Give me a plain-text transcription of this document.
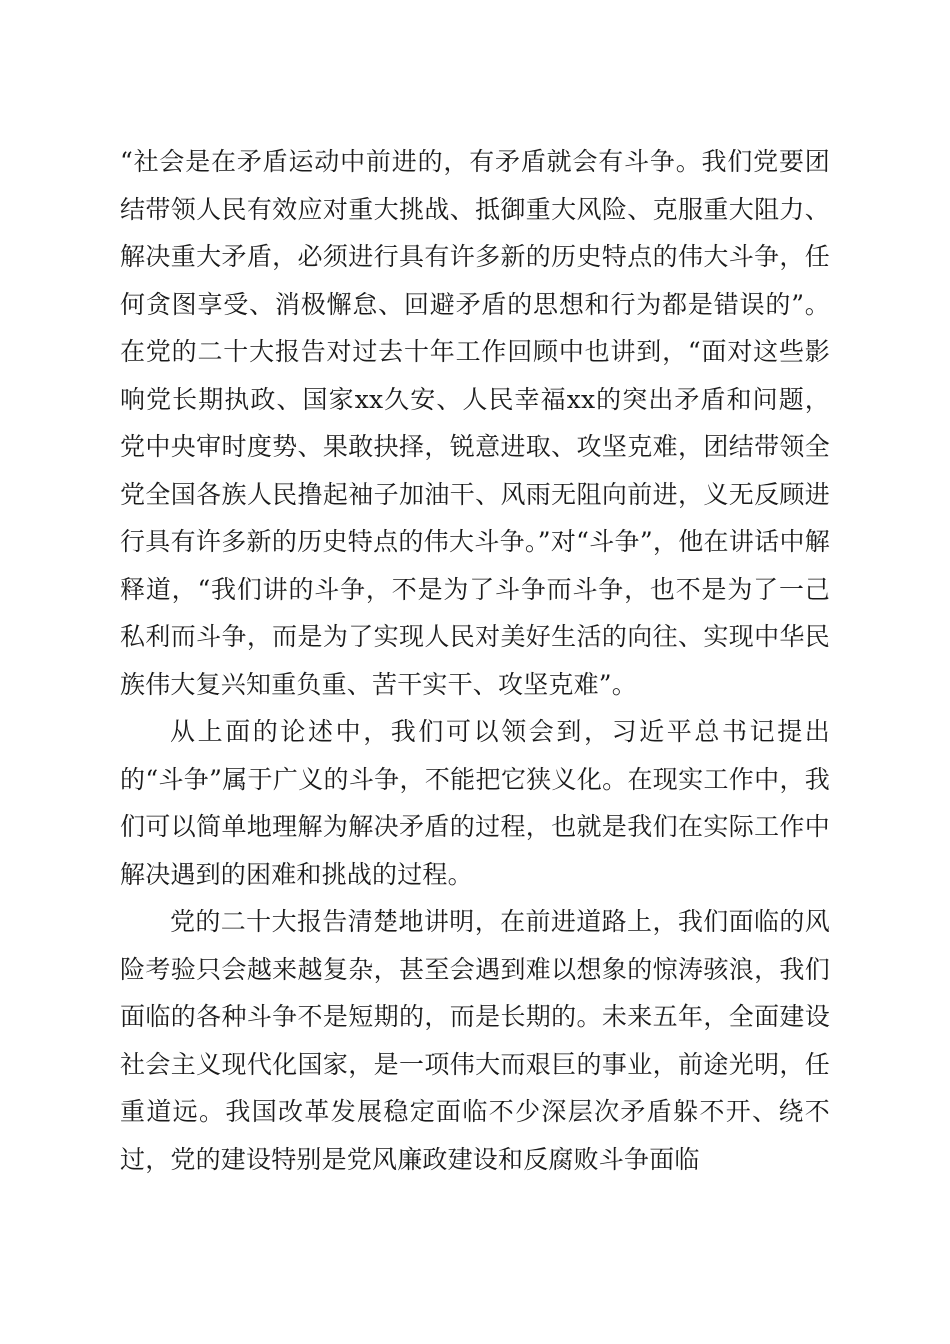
“社会是在矛盾运动中前进的，有矛盾就会有斗争。我们党要团结带领人民有效应对重大挑战、抵御重大风险、克服重大阻力、解决重大矛盾，必须进行具有许多新的历史特点的伟大斗争，任何贪图享受、消极懈怠、回避矛盾的思想和行为都是错误的”。在党的二十大报告对过去十年工作回顾中也讲到，“面对这些影响党长期执政、国家xx久安、人民幸福xx的突出矛盾和问题，党中央审时度势、果敢抉择，锐意进取、攻坚克难，团结带领全党全国各族人民撸起袖子加油干、风雨无阻向前进，义无反顾进行具有许多新的历史特点的伟大斗争。”对“斗争”，他在讲话中解释道，“我们讲的斗争，不是为了斗争而斗争，也不是为了一己私利而斗争，而是为了实现人民对美好生活的向往、实现中华民族伟大复兴知重负重、苦干实干、攻坚克难”。

从上面的论述中，我们可以领会到，习近平总书记提出的“斗争”属于广义的斗争，不能把它狭义化。在现实工作中，我们可以简单地理解为解决矛盾的过程，也就是我们在实际工作中解决遇到的困难和挑战的过程。

党的二十大报告清楚地讲明，在前进道路上，我们面临的风险考验只会越来越复杂，甚至会遇到难以想象的惊涛骇浪，我们面临的各种斗争不是短期的，而是长期的。未来五年，全面建设社会主义现代化国家，是一项伟大而艰巨的事业，前途光明，任重道远。我国改革发展稳定面临不少深层次矛盾躲不开、绕不过，党的建设特别是党风廉政建设和反腐败斗争面临
